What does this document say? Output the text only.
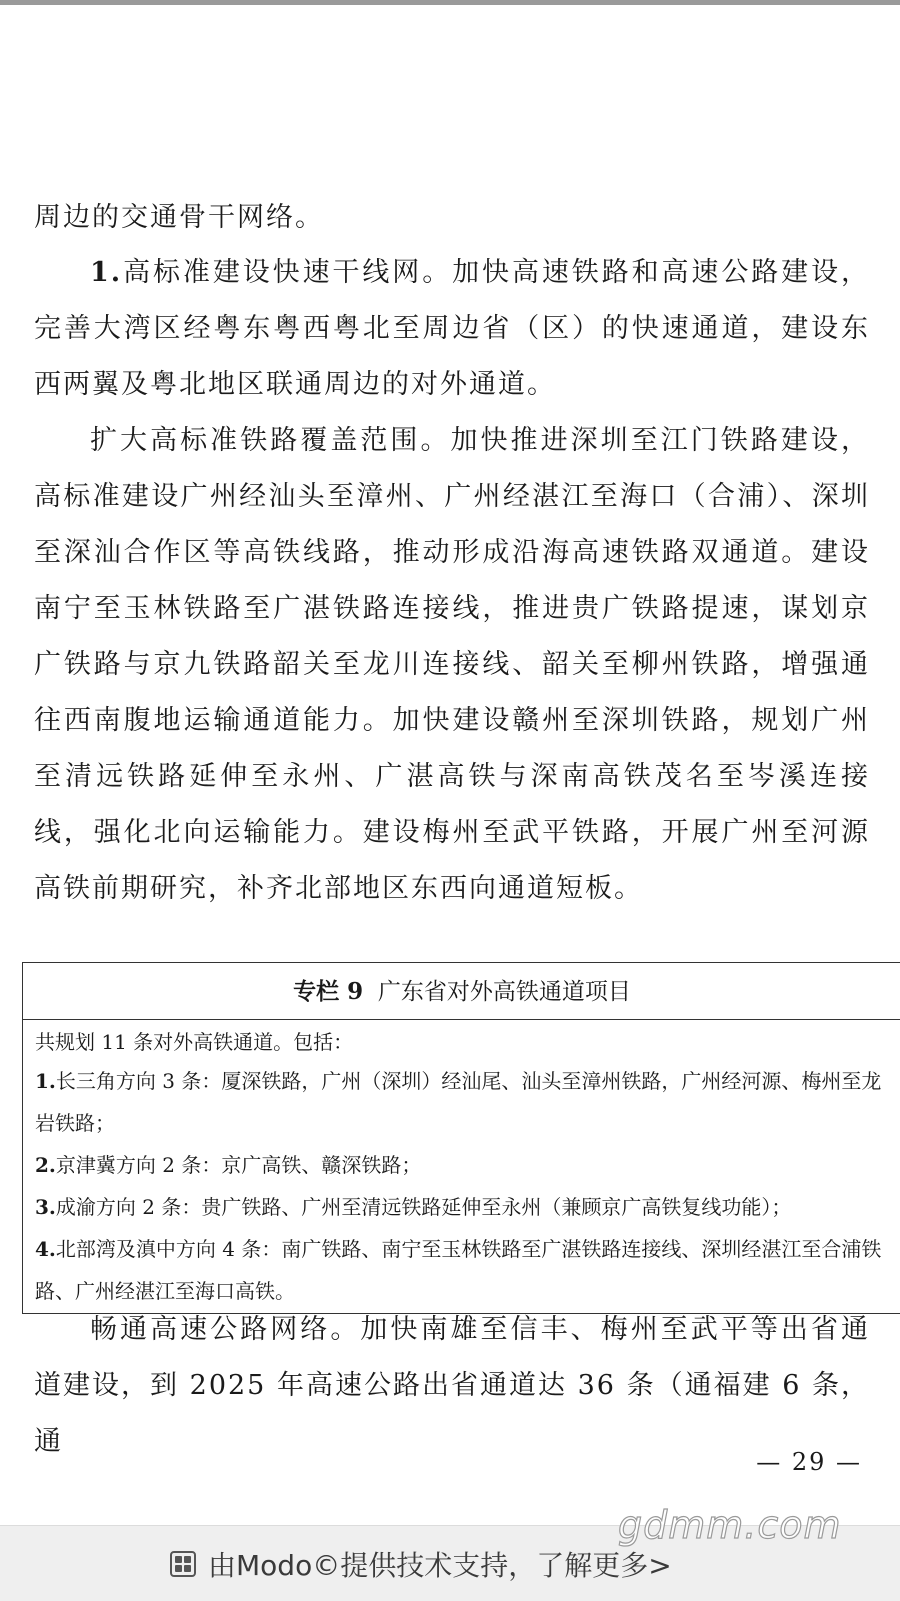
周边的交通骨干网络。

1.高标准建设快速干线网。加快高速铁路和高速公路建设，完善大湾区经粤东粤西粤北至周边省（区）的快速通道，建设东西两翼及粤北地区联通周边的对外通道。

扩大高标准铁路覆盖范围。加快推进深圳至江门铁路建设，高标准建设广州经汕头至漳州、广州经湛江至海口（合浦）、深圳至深汕合作区等高铁线路，推动形成沿海高速铁路双通道。建设南宁至玉林铁路至广湛铁路连接线，推进贵广铁路提速，谋划京广铁路与京九铁路韶关至龙川连接线、韶关至柳州铁路，增强通往西南腹地运输通道能力。加快建设赣州至深圳铁路，规划广州至清远铁路延伸至永州、广湛高铁与深南高铁茂名至岑溪连接线，强化北向运输能力。建设梅州至武平铁路，开展广州至河源高铁前期研究，补齐北部地区东西向通道短板。

专栏 9 广东省对外高铁通道项目

共规划 11 条对外高铁通道。包括：

1.长三角方向 3 条：厦深铁路，广州（深圳）经汕尾、汕头至漳州铁路，广州经河源、梅州至龙岩铁路；

2.京津冀方向 2 条：京广高铁、赣深铁路；

3.成渝方向 2 条：贵广铁路、广州至清远铁路延伸至永州（兼顾京广高铁复线功能）；

4.北部湾及滇中方向 4 条：南广铁路、南宁至玉林铁路至广湛铁路连接线、深圳经湛江至合浦铁路、广州经湛江至海口高铁。

畅通高速公路网络。加快南雄至信丰、梅州至武平等出省通道建设，到 2025 年高速公路出省通道达 36 条（通福建 6 条，通

— 29 —
由Modo©提供技术支持，了解更多>
gdmm.com
